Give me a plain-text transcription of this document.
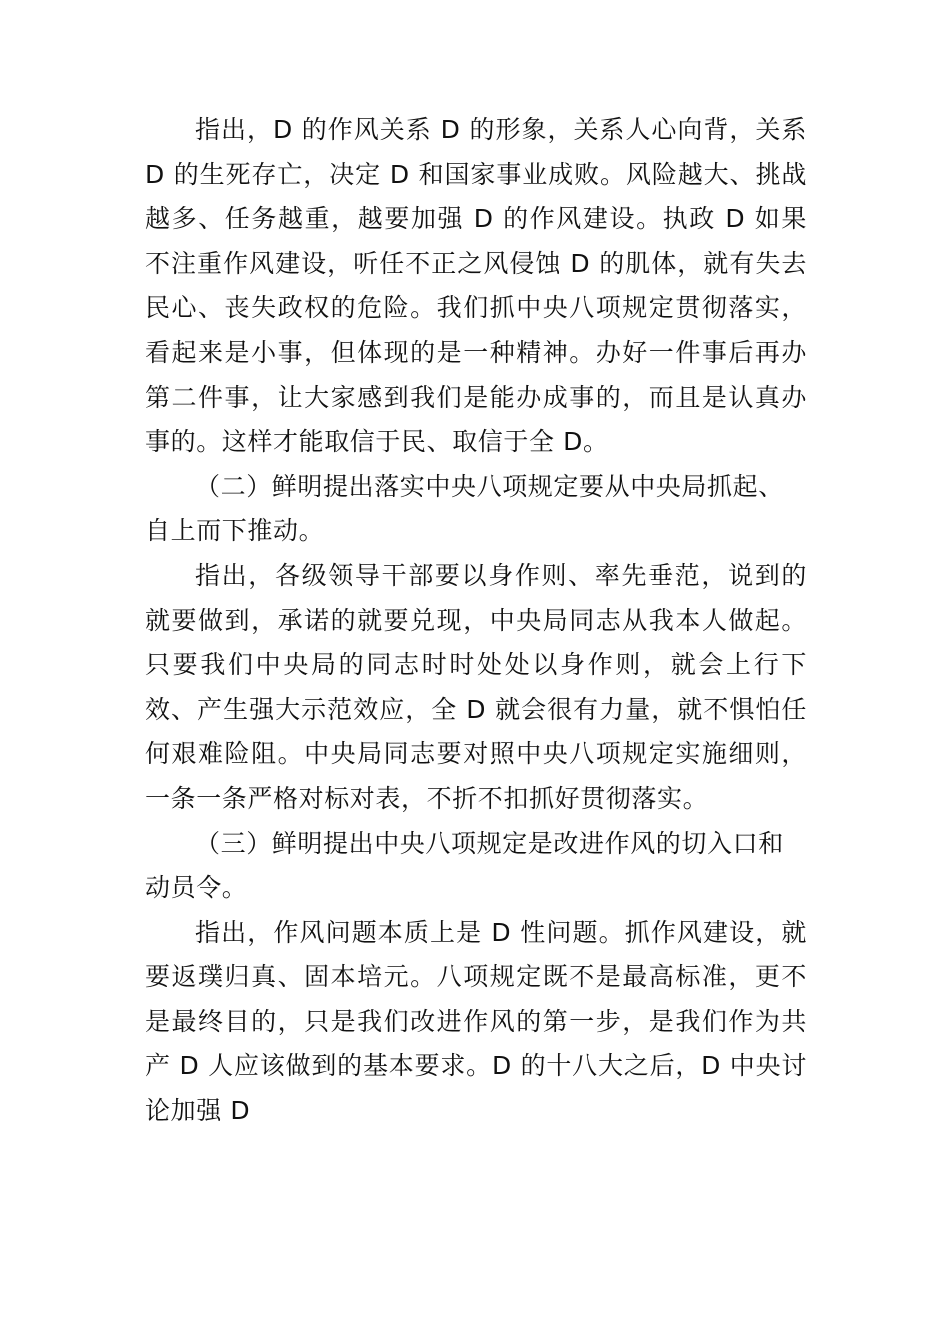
指出，D 的作风关系 D 的形象，关系人心向背，关系 D 的生死存亡，决定 D 和国家事业成败。风险越大、挑战越多、任务越重，越要加强 D 的作风建设。执政 D 如果不注重作风建设，听任不正之风侵蚀 D 的肌体，就有失去民心、丧失政权的危险。我们抓中央八项规定贯彻落实，看起来是小事，但体现的是一种精神。办好一件事后再办第二件事，让大家感到我们是能办成事的，而且是认真办事的。这样才能取信于民、取信于全 D。

（二）鲜明提出落实中央八项规定要从中央局抓起、自上而下推动。

指出，各级领导干部要以身作则、率先垂范，说到的就要做到，承诺的就要兑现，中央局同志从我本人做起。只要我们中央局的同志时时处处以身作则，就会上行下效、产生强大示范效应，全 D 就会很有力量，就不惧怕任何艰难险阻。中央局同志要对照中央八项规定实施细则，一条一条严格对标对表，不折不扣抓好贯彻落实。

（三）鲜明提出中央八项规定是改进作风的切入口和动员令。

指出，作风问题本质上是 D 性问题。抓作风建设，就要返璞归真、固本培元。八项规定既不是最高标准，更不是最终目的，只是我们改进作风的第一步，是我们作为共产 D 人应该做到的基本要求。D 的十八大之后，D 中央讨论加强 D
